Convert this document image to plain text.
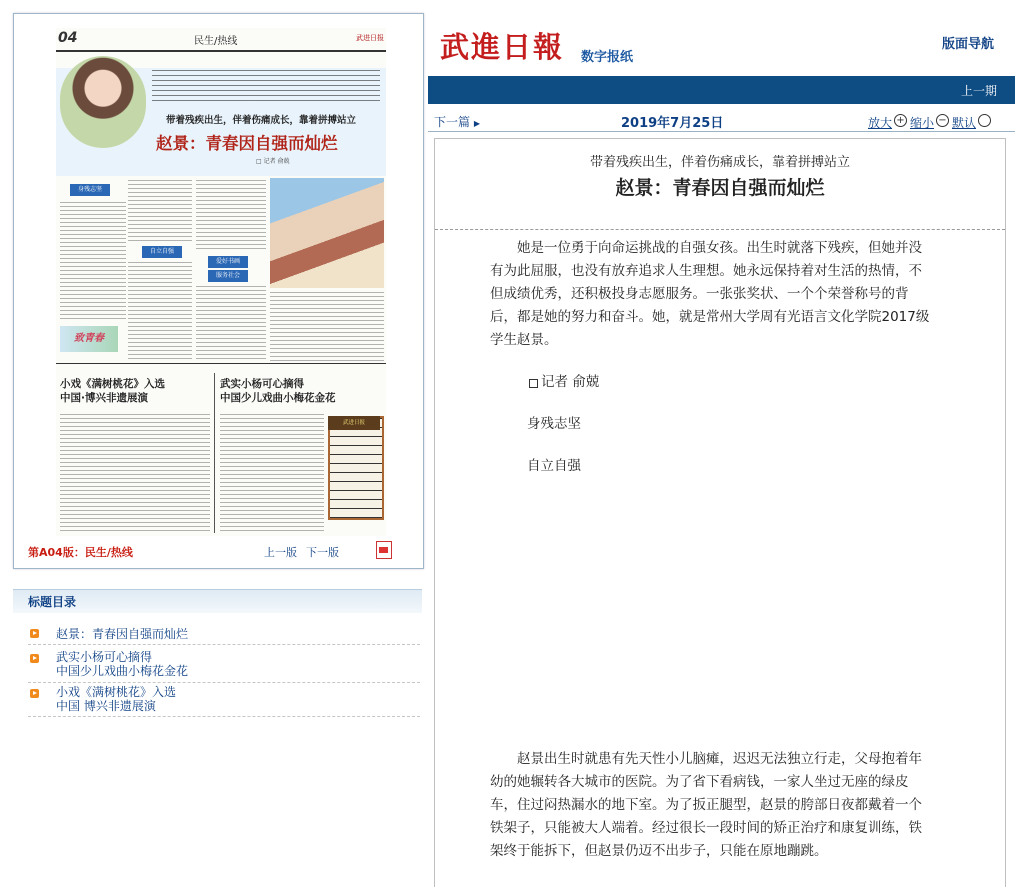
04	民生/热线	武进日报
带着残疾出生，伴着伤痛成长，靠着拼搏站立
赵景：青春因自强而灿烂
□ 记者 俞兢
身残志坚
自立自强
爱好书画
服务社会
致青春
小戏《满树桃花》入选
中国·博兴非遗展演
武实小杨可心摘得
中国少儿戏曲小梅花金花
武进日报
第A04版：民生/热线	上一版 下一版
标题目录
赵景：青春因自强而灿烂
武实小杨可心摘得
中国少儿戏曲小梅花金花
小戏《满树桃花》入选
中国 博兴非遗展演
武進日報	数字报纸
版面导航
上一期
下一篇 ▶	2019年7月25日	放大 + 缩小 − 默认
带着残疾出生，伴着伤痛成长，靠着拼搏站立
赵景：青春因自强而灿烂
她是一位勇于向命运挑战的自强女孩。出生时就落下残疾，但她并没有为此屈服，也没有放弃追求人生理想。她永远保持着对生活的热情，不但成绩优秀，还积极投身志愿服务。一张张奖状、一个个荣誉称号的背后，都是她的努力和奋斗。她，就是常州大学周有光语言文化学院2017级学生赵景。
记者 俞兢
身残志坚
自立自强
赵景出生时就患有先天性小儿脑瘫，迟迟无法独立行走，父母抱着年幼的她辗转各大城市的医院。为了省下看病钱，一家人坐过无座的绿皮车，住过闷热漏水的地下室。为了扳正腿型，赵景的胯部日夜都戴着一个铁架子，只能被大人端着。经过很长一段时间的矫正治疗和康复训练，铁架终于能拆下，但赵景仍迈不出步子，只能在原地蹦跳。
